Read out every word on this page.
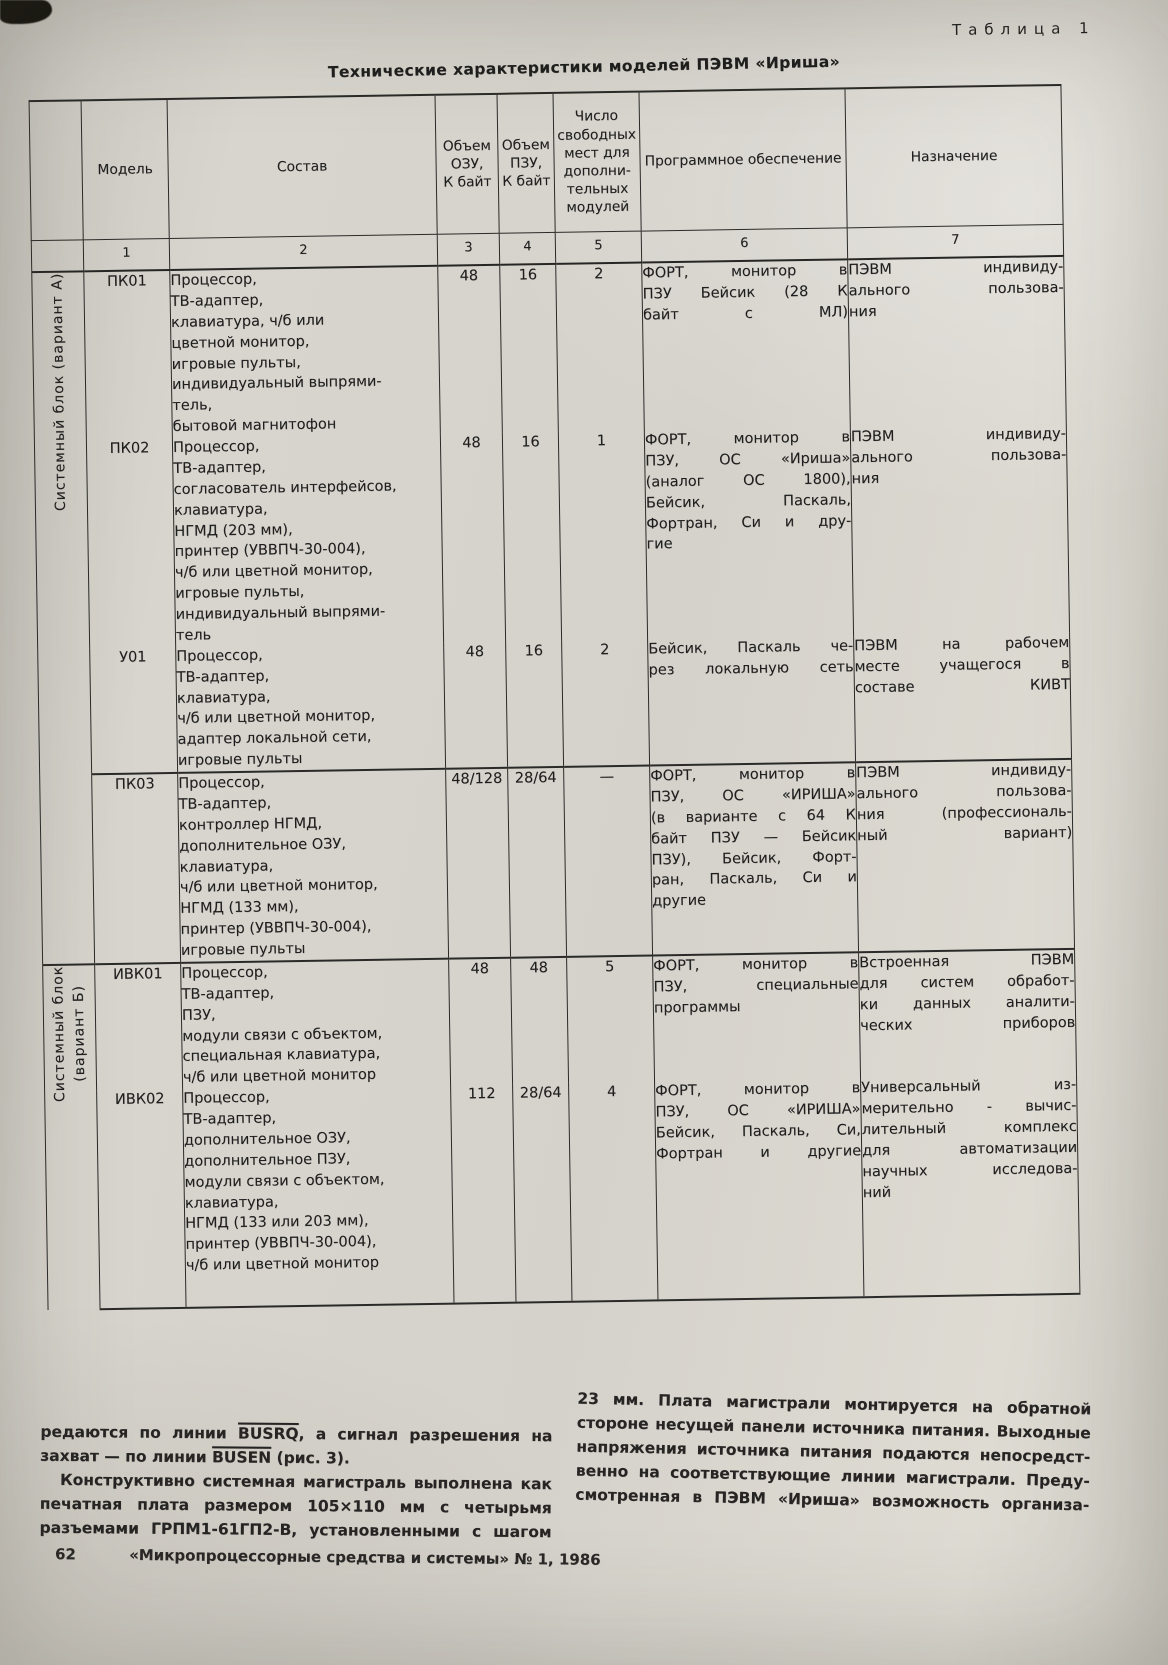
Таблица 1
Технические характеристики моделей ПЭВМ «Ириша»
	Модель	Состав	Объем
ОЗУ,
К байт	Объем
ПЗУ,
К байт	Число
свободных
мест для
дополни-
тельных
модулей	Программное обеспечение	Назначение
	1	2	3	4	5	6	7
Системный блок (вариант А)	ПК01	Процессор,
ТВ-адаптер,
клавиатура, ч/б или
цветной монитор,
игровые пульты,
индивидуальный выпрями-
тель,
бытовой магнитофон	48	16	2	ФОРТ, монитор в
ПЗУ Бейсик (28 К
байт с МЛ)	ПЭВМ индивиду-
ального пользова-
ния
ПК02	Процессор,
ТВ-адаптер,
согласователь интерфейсов,
клавиатура,
НГМД (203 мм),
принтер (УВВПЧ-30-004),
ч/б или цветной монитор,
игровые пульты,
индивидуальный выпрями-
тель	48	16	1	ФОРТ, монитор в
ПЗУ, ОС «Ириша»
(аналог ОС 1800),
Бейсик, Паскаль,
Фортран, Си и дру-
гие	ПЭВМ индивиду-
ального пользова-
ния
У01	Процессор,
ТВ-адаптер,
клавиатура,
ч/б или цветной монитор,
адаптер локальной сети,
игровые пульты	48	16	2	Бейсик, Паскаль че-
рез локальную сеть	ПЭВМ на рабочем
месте учащегося в
составе КИВТ
ПК03	Процессор,
ТВ-адаптер,
контроллер НГМД,
дополнительное ОЗУ,
клавиатура,
ч/б или цветной монитор,
НГМД (133 мм),
принтер (УВВПЧ-30-004),
игровые пульты	48/128	28/64	—	ФОРТ, монитор в
ПЗУ, ОС «ИРИША»
(в варианте с 64 К
байт ПЗУ — Бейсик
ПЗУ), Бейсик, Форт-
ран, Паскаль, Си и
другие	ПЭВМ индивиду-
ального пользова-
ния (профессиональ-
ный вариант)
Системный блок
(вариант Б)	ИВК01	Процессор,
ТВ-адаптер,
ПЗУ,
модули связи с объектом,
специальная клавиатура,
ч/б или цветной монитор	48	48	5	ФОРТ, монитор в
ПЗУ, специальные
программы	Встроенная ПЭВМ
для систем обработ-
ки данных аналити-
ческих приборов
ИВК02	Процессор,
ТВ-адаптер,
дополнительное ОЗУ,
дополнительное ПЗУ,
модули связи с объектом,
клавиатура,
НГМД (133 или 203 мм),
принтер (УВВПЧ-30-004),
ч/б или цветной монитор	112	28/64	4	ФОРТ, монитор в
ПЗУ, ОС «ИРИША»
Бейсик, Паскаль, Си,
Фортран и другие	Универсальный из-
мерительно - вычис-
лительный комплекс
для автоматизации
научных исследова-
ний

редаются по линии BUSRQ, а сигнал разрешения на

захват — по линии BUSEN (рис. 3).

Конструктивно системная магистраль выполнена как
печатная плата размером 105×110 мм с четырьмя
разъемами ГРПМ1-61ГП2-В, установленными с шагом

23 мм. Плата магистрали монтируется на обратной
стороне несущей панели источника питания. Выходные
напряжения источника питания подаются непосредст-
венно на соответствующие линии магистрали. Преду-
смотренная в ПЭВМ «Ириша» возможность организа-

62	«Микропроцессорные средства и системы» № 1, 1986
